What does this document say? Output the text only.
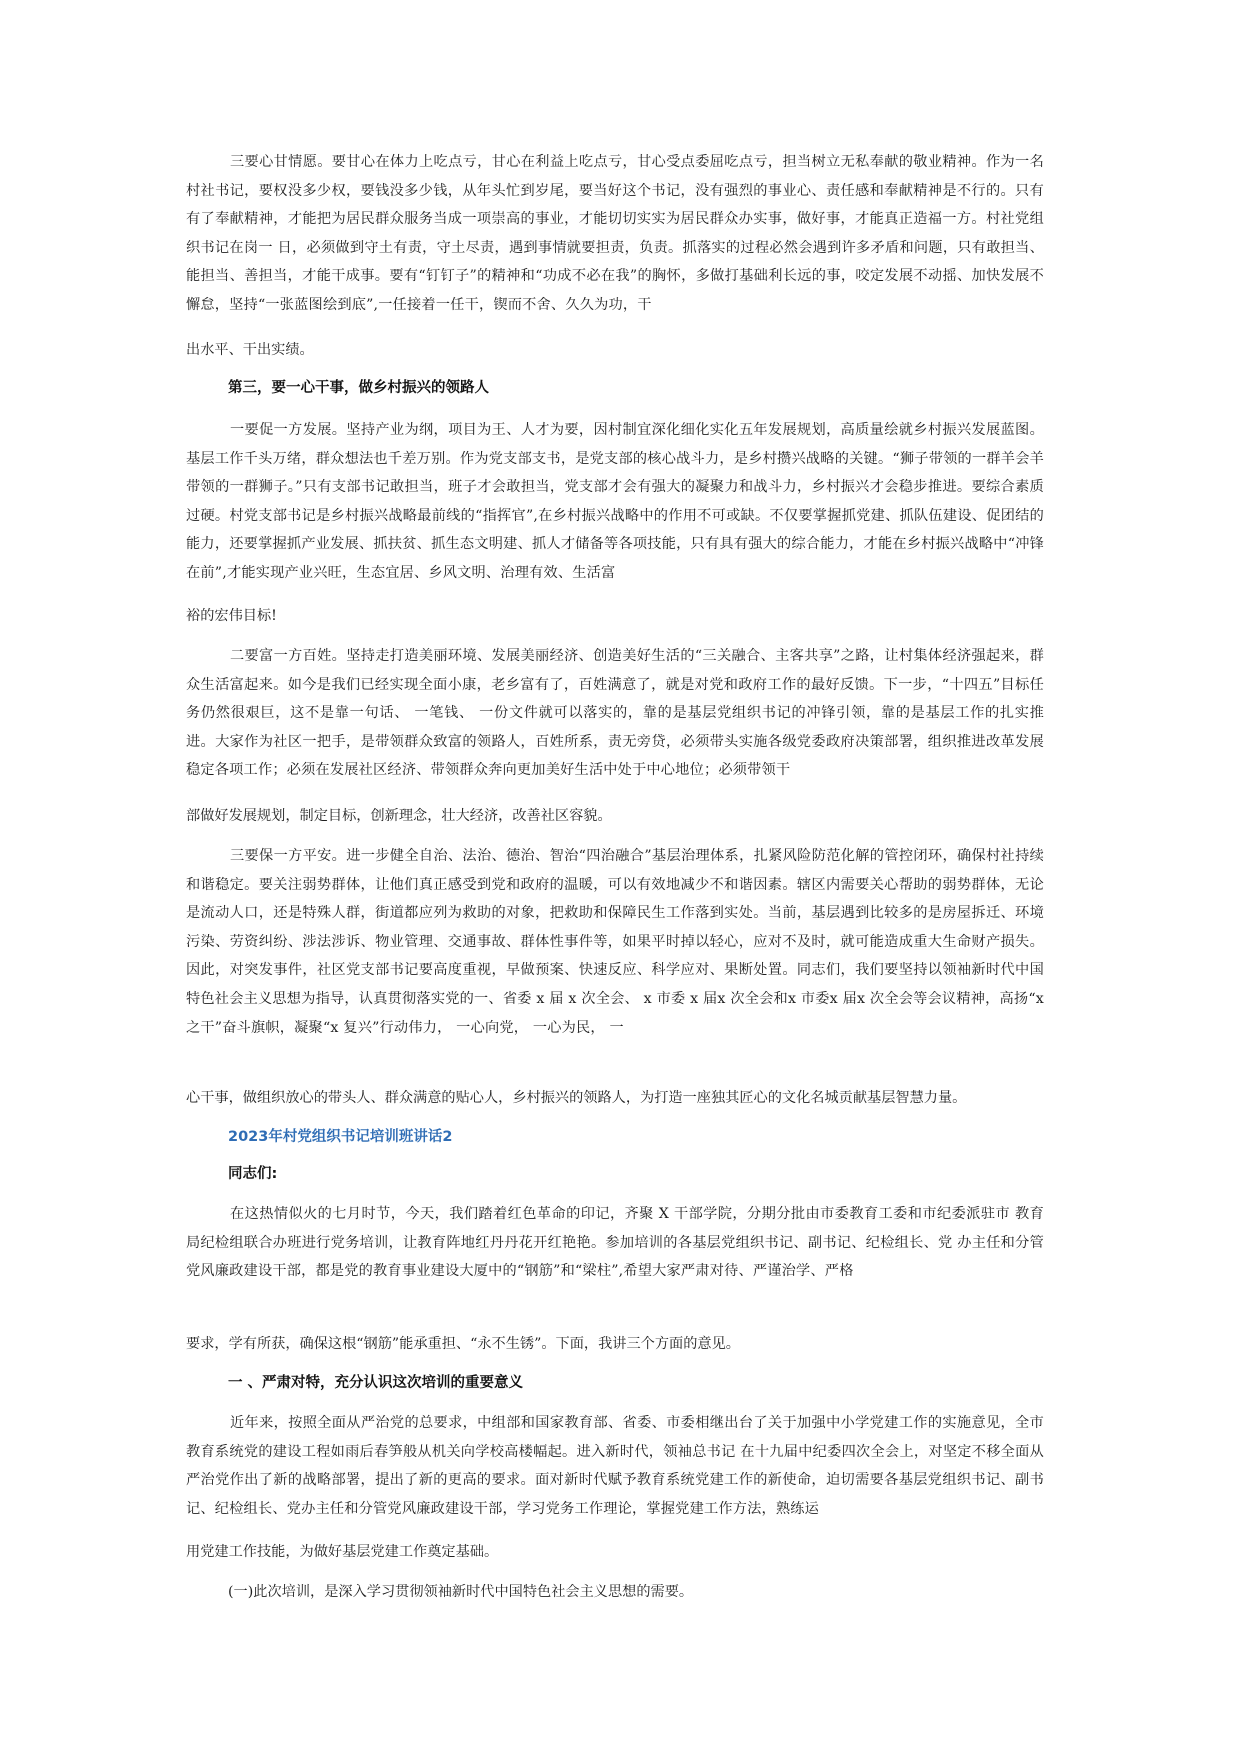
三要心甘情愿。要甘心在体力上吃点亏，甘心在利益上吃点亏，甘心受点委屈吃点亏，担当树立无私奉献的敬业精神。作为一名村社书记，要权没多少权，要钱没多少钱，从年头忙到岁尾，要当好这个书记，没有强烈的事业心、责任感和奉献精神是不行的。只有有了奉献精神，才能把为居民群众服务当成一项崇高的事业，才能切切实实为居民群众办实事，做好事，才能真正造福一方。村社党组织书记在岗一 日，必须做到守土有责，守土尽责，遇到事情就要担责，负责。抓落实的过程必然会遇到许多矛盾和问题，只有敢担当、能担当、善担当，才能干成事。要有“钉钉子”的精神和“功成不必在我”的胸怀，多做打基础利长远的事，咬定发展不动摇、加快发展不懈怠，坚持“一张蓝图绘到底”,一任接着一任干，锲而不舍、久久为功，干
出水平、干出实绩。
第三，要一心干事，做乡村振兴的领路人
一要促一方发展。坚持产业为纲，项目为王、人才为要，因村制宜深化细化实化五年发展规划，高质量绘就乡村振兴发展蓝图。基层工作千头万绪，群众想法也千差万别。作为党支部支书，是党支部的核心战斗力，是乡村攒兴战略的关键。“狮子带领的一群羊会羊带领的一群狮子。”只有支部书记敢担当，班子才会敢担当，党支部才会有强大的凝聚力和战斗力，乡村振兴才会稳步推进。要综合素质过硬。村党支部书记是乡村振兴战略最前线的“指挥官”,在乡村振兴战略中的作用不可或缺。不仅要掌握抓党建、抓队伍建设、促团结的能力，还要掌握抓产业发展、抓扶贫、抓生态文明建、抓人才储备等各项技能，只有具有强大的综合能力，才能在乡村振兴战略中“冲锋在前”,才能实现产业兴旺，生态宜居、乡风文明、治理有效、生活富
裕的宏伟目标!
二要富一方百姓。坚持走打造美丽环境、发展美丽经济、创造美好生活的“三关融合、主客共享”之路，让村集体经济强起来，群众生活富起来。如今是我们已经实现全面小康，老乡富有了，百姓满意了，就是对党和政府工作的最好反馈。下一步，“十四五”目标任务仍然很艰巨，这不是靠一句话、 一笔钱、 一份文件就可以落实的，靠的是基层党组织书记的冲锋引领，靠的是基层工作的扎实推进。大家作为社区一把手，是带领群众致富的领路人，百姓所系，责无旁贷，必须带头实施各级党委政府决策部署，组织推进改革发展稳定各项工作；必须在发展社区经济、带领群众奔向更加美好生活中处于中心地位；必须带领干
部做好发展规划，制定目标，创新理念，壮大经济，改善社区容貌。
三要保一方平安。进一步健全自治、法治、德治、智治“四治融合”基层治理体系，扎紧风险防范化解的管控闭环，确保村社持续和谐稳定。要关注弱势群体，让他们真正感受到党和政府的温暖，可以有效地减少不和谐因素。辖区内需要关心帮助的弱势群体，无论是流动人口，还是特殊人群，街道都应列为救助的对象，把救助和保障民生工作落到实处。当前，基层遇到比较多的是房屋拆迁、环境污染、劳资纠纷、涉法涉诉、物业管理、交通事故、群体性事件等，如果平时掉以轻心，应对不及时，就可能造成重大生命财产损失。因此，对突发事件，社区党支部书记要高度重视，早做预案、快速反应、科学应对、果断处置。同志们，我们要坚持以领袖新时代中国特色社会主义思想为指导，认真贯彻落实党的一、省委 x 届 x 次全会、 x 市委 x 届x 次全会和x 市委x 届x 次全会等会议精神，高扬“x 之干”奋斗旗帜，凝聚“x 复兴”行动伟力， 一心向党， 一心为民， 一
心干事，做组织放心的带头人、群众满意的贴心人，乡村振兴的领路人，为打造一座独其匠心的文化名城贡献基层智慧力量。
2023年村党组织书记培训班讲话2
同志们:
在这热情似火的七月时节，今天，我们踏着红色革命的印记，齐聚 X 干部学院，分期分批由市委教育工委和市纪委派驻市 教育局纪检组联合办班进行党务培训，让教育阵地红丹丹花开红艳艳。参加培训的各基层党组织书记、副书记、纪检组长、党 办主任和分管党风廉政建设干部，都是党的教育事业建设大厦中的“钢筋”和“梁柱”,希望大家严肃对待、严谨治学、严格
要求，学有所获，确保这根“钢筋”能承重担、“永不生锈”。下面，我讲三个方面的意见。
一 、严肃对特，充分认识这次培训的重要意义
近年来，按照全面从严治党的总要求，中组部和国家教育部、省委、市委相继出台了关于加强中小学党建工作的实施意见，全市教育系统党的建设工程如雨后春笋般从机关向学校高楼幅起。进入新时代，领袖总书记 在十九届中纪委四次全会上，对坚定不移全面从严治党作出了新的战略部署，提出了新的更高的要求。面对新时代赋予教育系统党建工作的新使命，迫切需要各基层党组织书记、副书记、纪检组长、党办主任和分管党风廉政建设干部，学习党务工作理论，掌握党建工作方法，熟练运
用党建工作技能，为做好基层党建工作奠定基础。
(一)此次培训，是深入学习贯彻领袖新时代中国特色社会主义思想的需要。
